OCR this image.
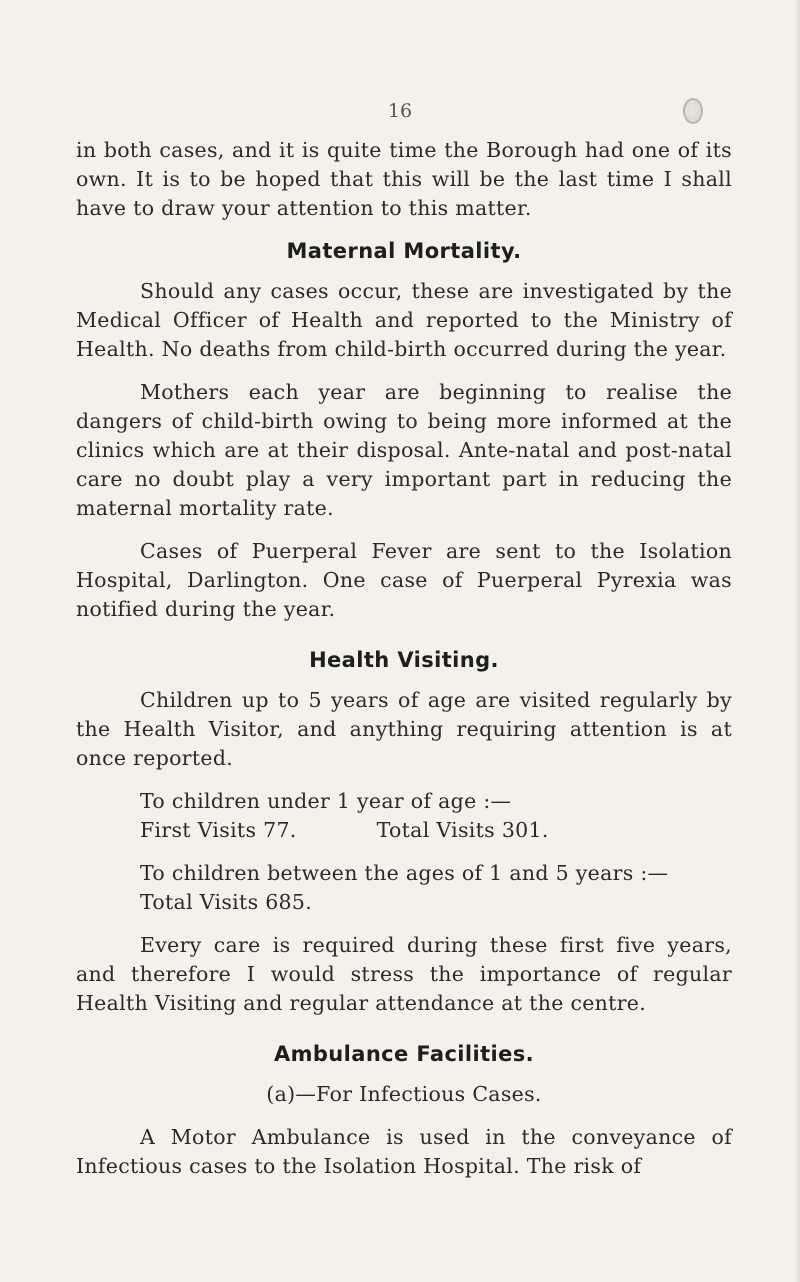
16

in both cases, and it is quite time the Borough had one of its own. It is to be hoped that this will be the last time I shall have to draw your attention to this matter.

Maternal Mortality.

Should any cases occur, these are investigated by the Medical Officer of Health and reported to the Ministry of Health. No deaths from child-birth occurred during the year.

Mothers each year are beginning to realise the dangers of child-birth owing to being more informed at the clinics which are at their disposal. Ante-natal and post-natal care no doubt play a very important part in reducing the maternal mortality rate.

Cases of Puerperal Fever are sent to the Isolation Hospital, Darlington. One case of Puerperal Pyrexia was notified during the year.

Health Visiting.

Children up to 5 years of age are visited regularly by the Health Visitor, and anything requiring attention is at once reported.

To children under 1 year of age :—
First Visits 77.	Total Visits 301.
To children between the ages of 1 and 5 years :—
Total Visits 685.

Every care is required during these first five years, and therefore I would stress the importance of regular Health Visiting and regular attendance at the centre.

Ambulance Facilities.
(a)—For Infectious Cases.

A Motor Ambulance is used in the conveyance of Infectious cases to the Isolation Hospital. The risk of
